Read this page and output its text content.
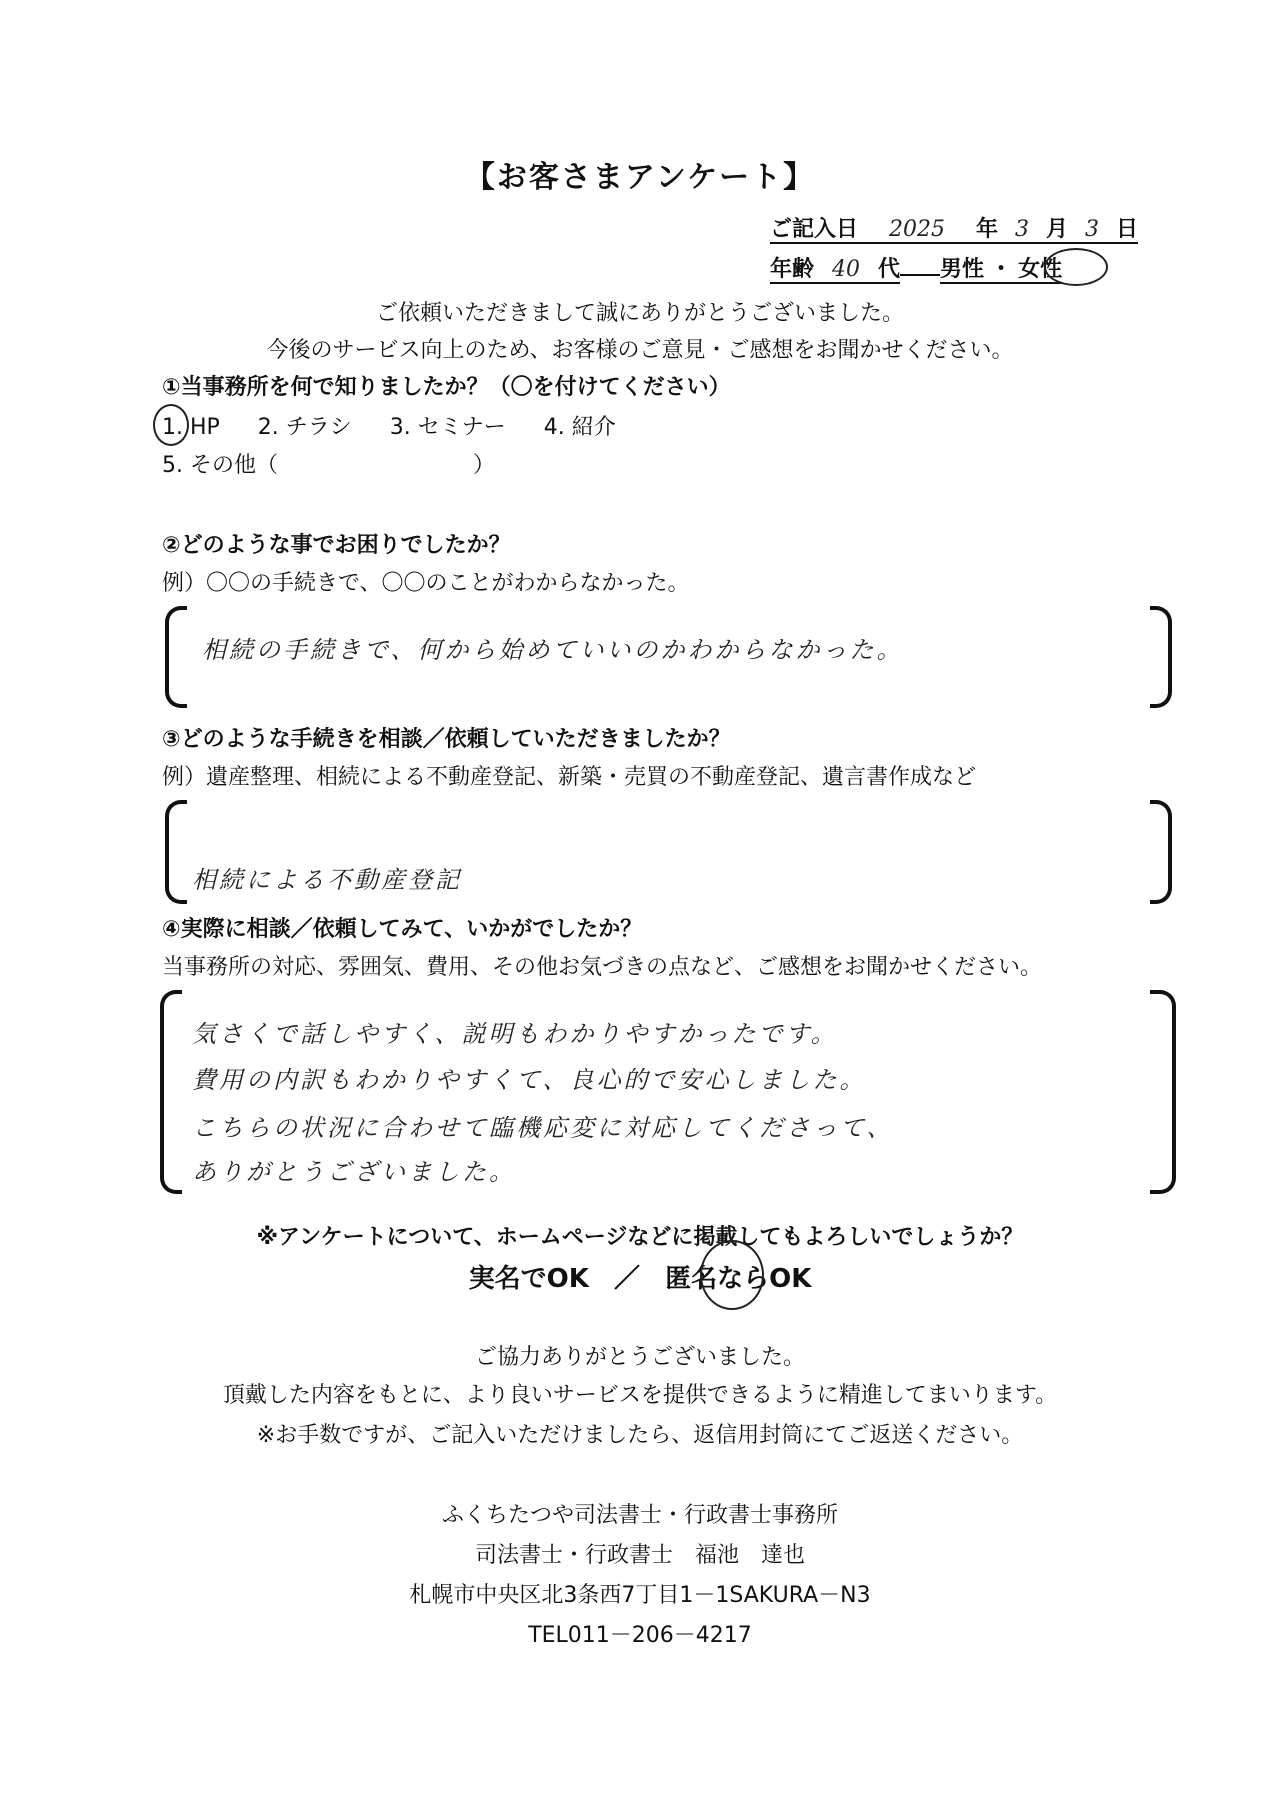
【お客さまアンケート】
ご記入日 2025 年 3 月 3 日
年齢 40 代 男性 ・ 女性
ご依頼いただきまして誠にありがとうございました。
今後のサービス向上のため、お客様のご意見・ご感想をお聞かせください。
①当事務所を何で知りましたか？（〇を付けてください）
1. HP 2. チラシ 3. セミナー 4. 紹介
5. その他（	）
②どのような事でお困りでしたか？
例）〇〇の手続きで、〇〇のことがわからなかった。
相続の手続きで、何から始めていいのかわからなかった。
③どのような手続きを相談／依頼していただきましたか？
例）遺産整理、相続による不動産登記、新築・売買の不動産登記、遺言書作成など
相続による不動産登記
④実際に相談／依頼してみて、いかがでしたか？
当事務所の対応、雰囲気、費用、その他お気づきの点など、ご感想をお聞かせください。
気さくで話しやすく、説明もわかりやすかったです。
費用の内訳もわかりやすくて、良心的で安心しました。
こちらの状況に合わせて臨機応変に対応してくださって、
ありがとうございました。
※アンケートについて、ホームページなどに掲載してもよろしいでしょうか？
実名でOK ／ 匿名ならOK
ご協力ありがとうございました。
頂戴した内容をもとに、より良いサービスを提供できるように精進してまいります。
※お手数ですが、ご記入いただけましたら、返信用封筒にてご返送ください。
ふくちたつや司法書士・行政書士事務所
司法書士・行政書士　福池　達也
札幌市中央区北3条西7丁目1－1SAKURA－N3
TEL011－206－4217
